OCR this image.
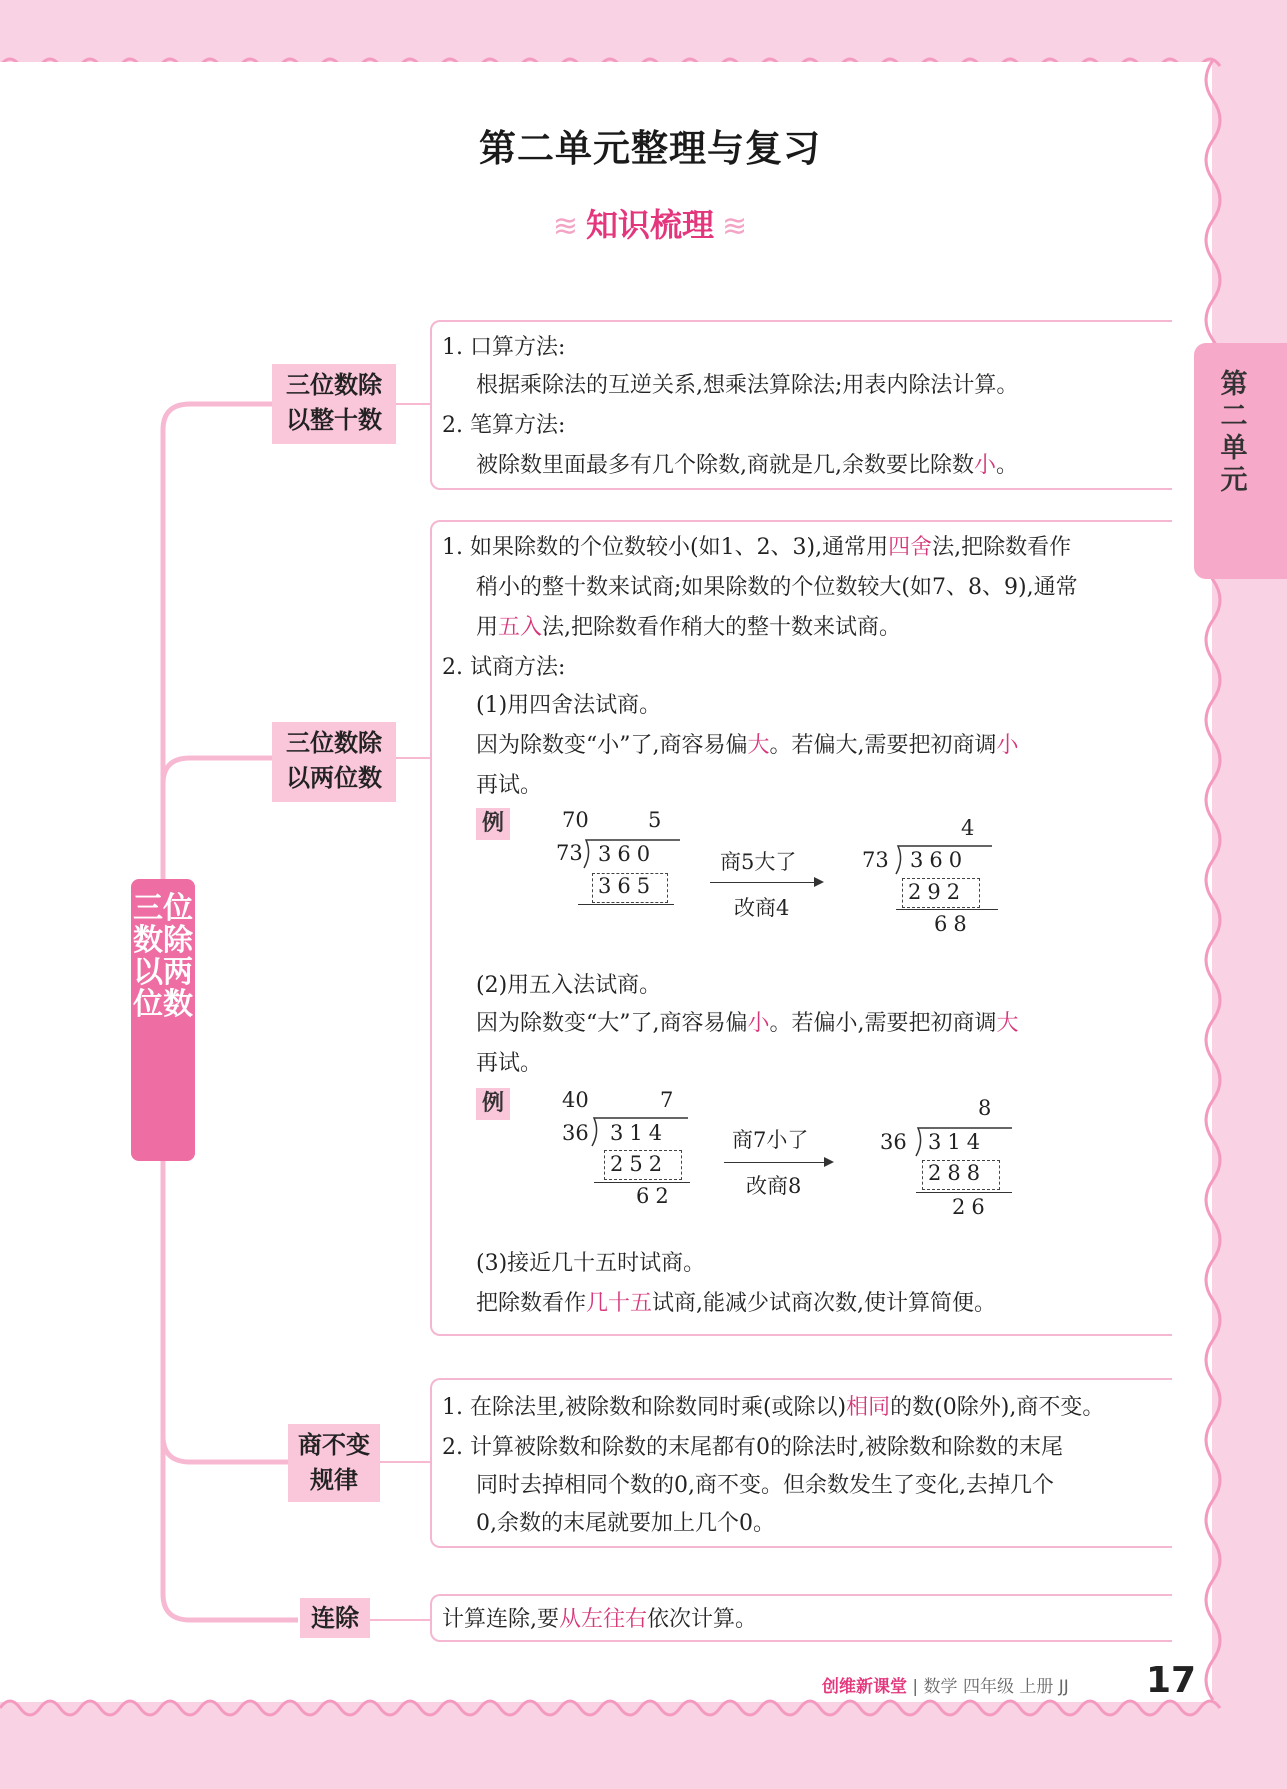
第二单元整理与复习
≋ 知识梳理 ≋
第二单元
三位数除以两位数
三位数除
以整十数
三位数除
以两位数
商不变
规律
连除
1. 口算方法:
根据乘除法的互逆关系,想乘法算除法;用表内除法计算。
2. 笔算方法:
被除数里面最多有几个除数,商就是几,余数要比除数小。
1. 如果除数的个位数较小(如1、2、3),通常用四舍法,把除数看作
稍小的整十数来试商;如果除数的个位数较大(如7、8、9),通常
用五入法,把除数看作稍大的整十数来试商。
2. 试商方法:
(1)用四舍法试商。
因为除数变“小”了,商容易偏大。若偏大,需要把初商调小
再试。
例	70	5
73 360
365
商5大了
改商4
4
73 360
292
68
(2)用五入法试商。
因为除数变“大”了,商容易偏小。若偏小,需要把初商调大
再试。
例	40	7
36 314
252
62
商7小了
改商8
8
36 314
288
26
(3)接近几十五时试商。
把除数看作几十五试商,能减少试商次数,使计算简便。
1. 在除法里,被除数和除数同时乘(或除以)相同的数(0除外),商不变。
2. 计算被除数和除数的末尾都有0的除法时,被除数和除数的末尾
同时去掉相同个数的0,商不变。但余数发生了变化,去掉几个
0,余数的末尾就要加上几个0。
计算连除,要从左往右依次计算。
创维新课堂 | 数学 四年级 上册 JJ 17
